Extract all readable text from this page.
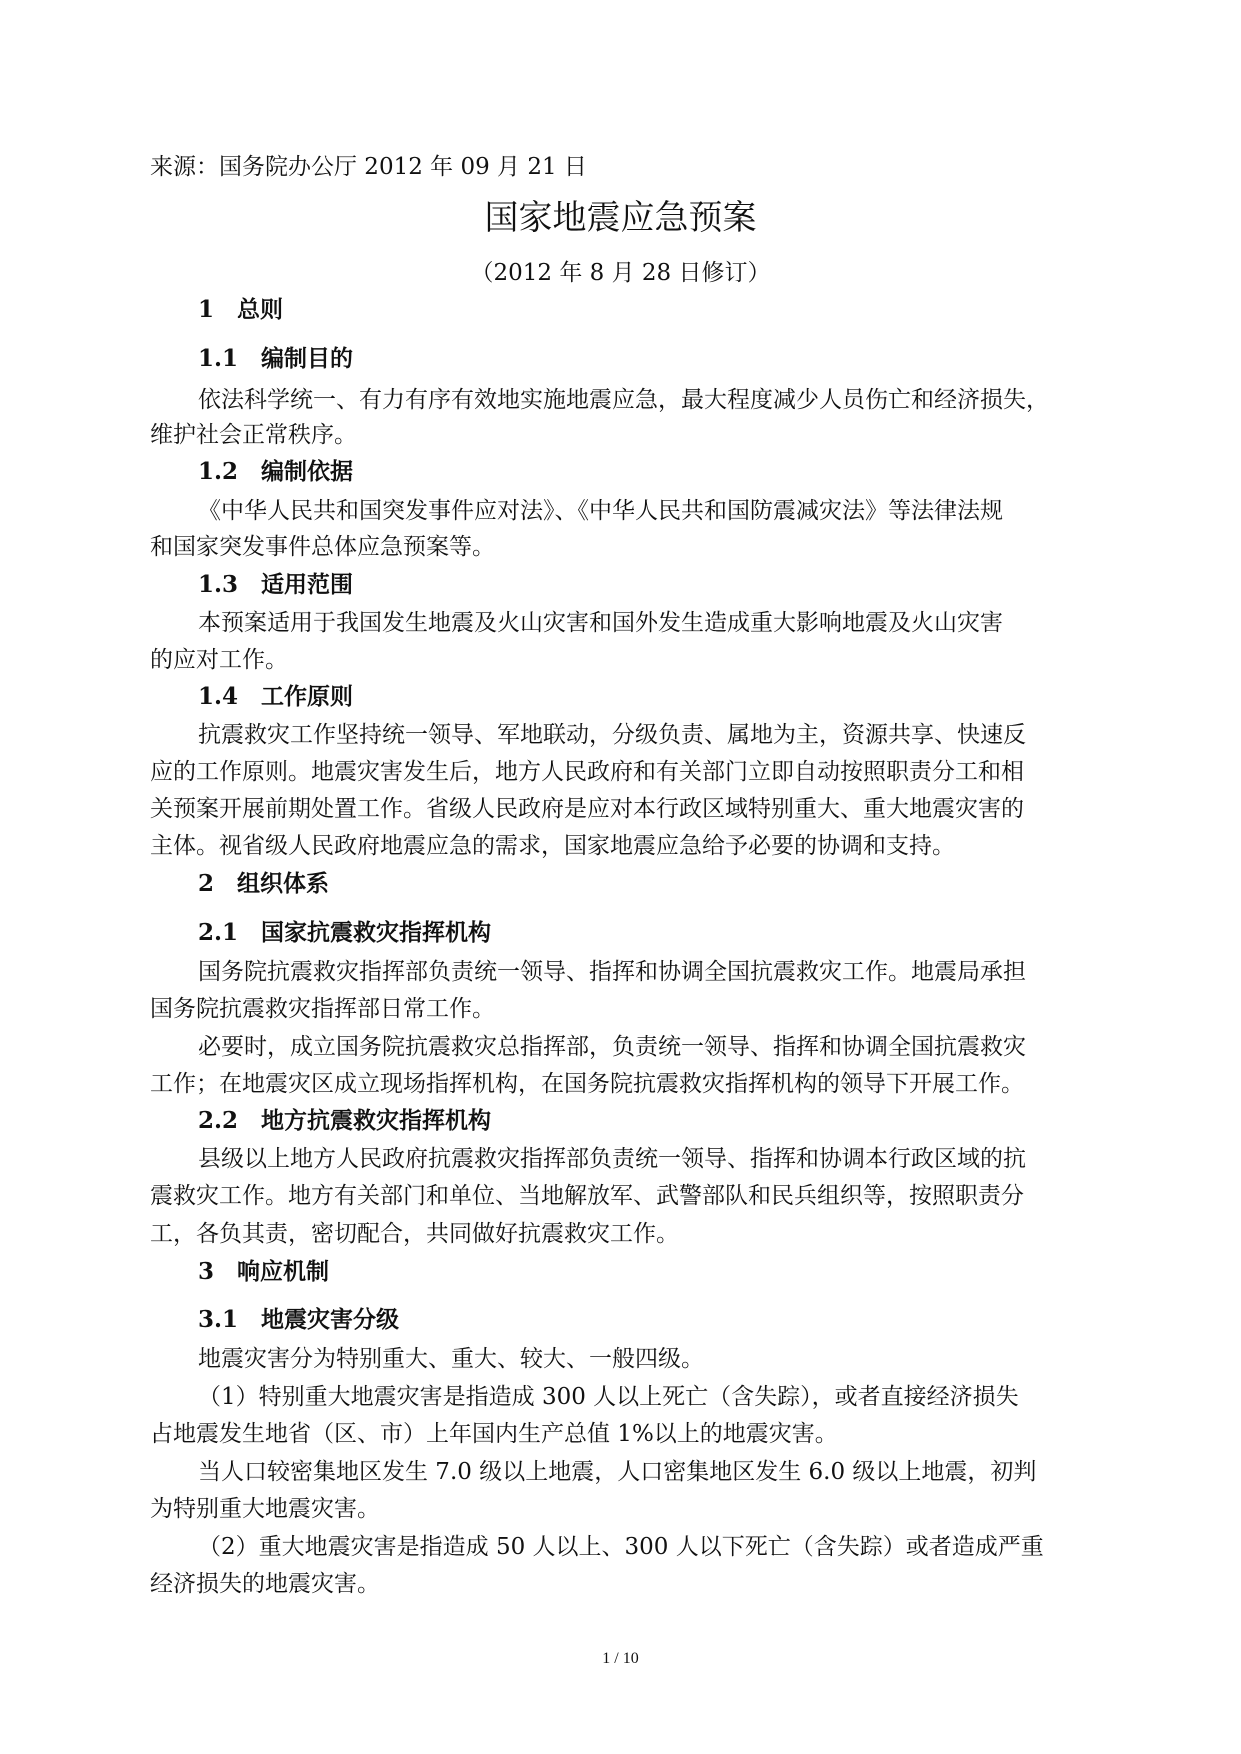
来源：国务院办公厅 2012 年 09 月 21 日
国家地震应急预案
（2012 年 8 月 28 日修订）
1　总则
1.1　编制目的
依法科学统一、有力有序有效地实施地震应急，最大程度减少人员伤亡和经济损失，
维护社会正常秩序。
1.2　编制依据
《中华人民共和国突发事件应对法》、《中华人民共和国防震减灾法》等法律法规
和国家突发事件总体应急预案等。
1.3　适用范围
本预案适用于我国发生地震及火山灾害和国外发生造成重大影响地震及火山灾害
的应对工作。
1.4　工作原则
抗震救灾工作坚持统一领导、军地联动，分级负责、属地为主，资源共享、快速反
应的工作原则。地震灾害发生后，地方人民政府和有关部门立即自动按照职责分工和相
关预案开展前期处置工作。省级人民政府是应对本行政区域特别重大、重大地震灾害的
主体。视省级人民政府地震应急的需求，国家地震应急给予必要的协调和支持。
2　组织体系
2.1　国家抗震救灾指挥机构
国务院抗震救灾指挥部负责统一领导、指挥和协调全国抗震救灾工作。地震局承担
国务院抗震救灾指挥部日常工作。
必要时，成立国务院抗震救灾总指挥部，负责统一领导、指挥和协调全国抗震救灾
工作；在地震灾区成立现场指挥机构，在国务院抗震救灾指挥机构的领导下开展工作。
2.2　地方抗震救灾指挥机构
县级以上地方人民政府抗震救灾指挥部负责统一领导、指挥和协调本行政区域的抗
震救灾工作。地方有关部门和单位、当地解放军、武警部队和民兵组织等，按照职责分
工，各负其责，密切配合，共同做好抗震救灾工作。
3　响应机制
3.1　地震灾害分级
地震灾害分为特别重大、重大、较大、一般四级。
（1）特别重大地震灾害是指造成 300 人以上死亡（含失踪），或者直接经济损失
占地震发生地省（区、市）上年国内生产总值 1%以上的地震灾害。
当人口较密集地区发生 7.0 级以上地震，人口密集地区发生 6.0 级以上地震，初判
为特别重大地震灾害。
（2）重大地震灾害是指造成 50 人以上、300 人以下死亡（含失踪）或者造成严重
经济损失的地震灾害。
1 / 10
